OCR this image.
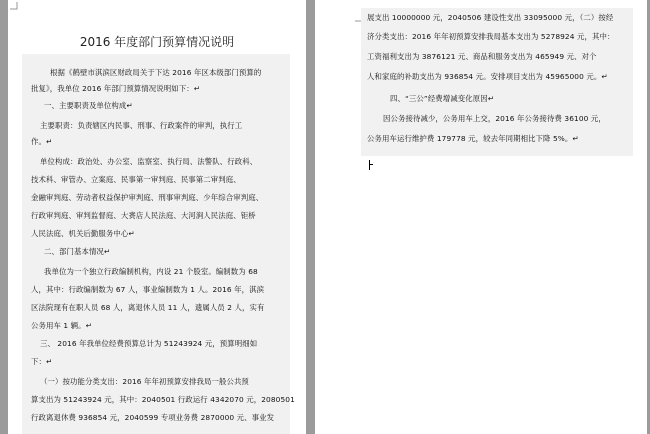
2016 年度部门预算情况说明
根据《鹤壁市淇滨区财政局关于下达 2016 年区本级部门预算的
批复》，我单位 2016 年部门预算情况说明如下：↵
一、主要职责及单位构成↵
主要职责：负责辖区内民事、刑事、行政案件的审判，执行工
作。↵
单位构成：政治处、办公室、监察室、执行局、法警队、行政科、
技术科、审管办、立案庭、民事第一审判庭、民事第二审判庭、
金融审判庭、劳动者权益保护审判庭、刑事审判庭、少年综合审判庭、
行政审判庭、审判监督庭、大赉店人民法庭、大河涧人民法庭、钜桥
人民法庭、机关后勤服务中心↵
二、部门基本情况↵
我单位为一个独立行政编制机构，内设 21 个股室。编制数为 68
人，其中：行政编制数为 67 人，事业编制数为 1 人。2016 年，淇滨
区法院现有在职人员 68 人，离退休人员 11 人，遗属人员 2 人，实有
公务用车 1 辆。↵
三、 2016 年我单位经费预算总计为 51243924 元，预算明细如
下：↵
（一）按功能分类支出：2016 年年初预算安排我局一般公共预
算支出为 51243924 元，其中：2040501 行政运行 4342070 元，2080501
行政离退休费 936854 元，2040599 专项业务费 2870000 元、事业发
展支出 10000000 元，2040506 建设性支出 33095000 元，（二）按经
济分类支出：2016 年年初预算安排我局基本支出为 5278924 元，其中：
工资福利支出为 3876121 元、商品和服务支出为 465949 元、对个
人和家庭的补助支出为 936854 元。安排项目支出为 45965000 元。↵
四、“三公”经费增减变化原因↵
因公务接待减少，公务用车上交，2016 年公务接待费 36100 元，
公务用车运行维护费 179778 元，较去年同期相比下降 5%。↵
